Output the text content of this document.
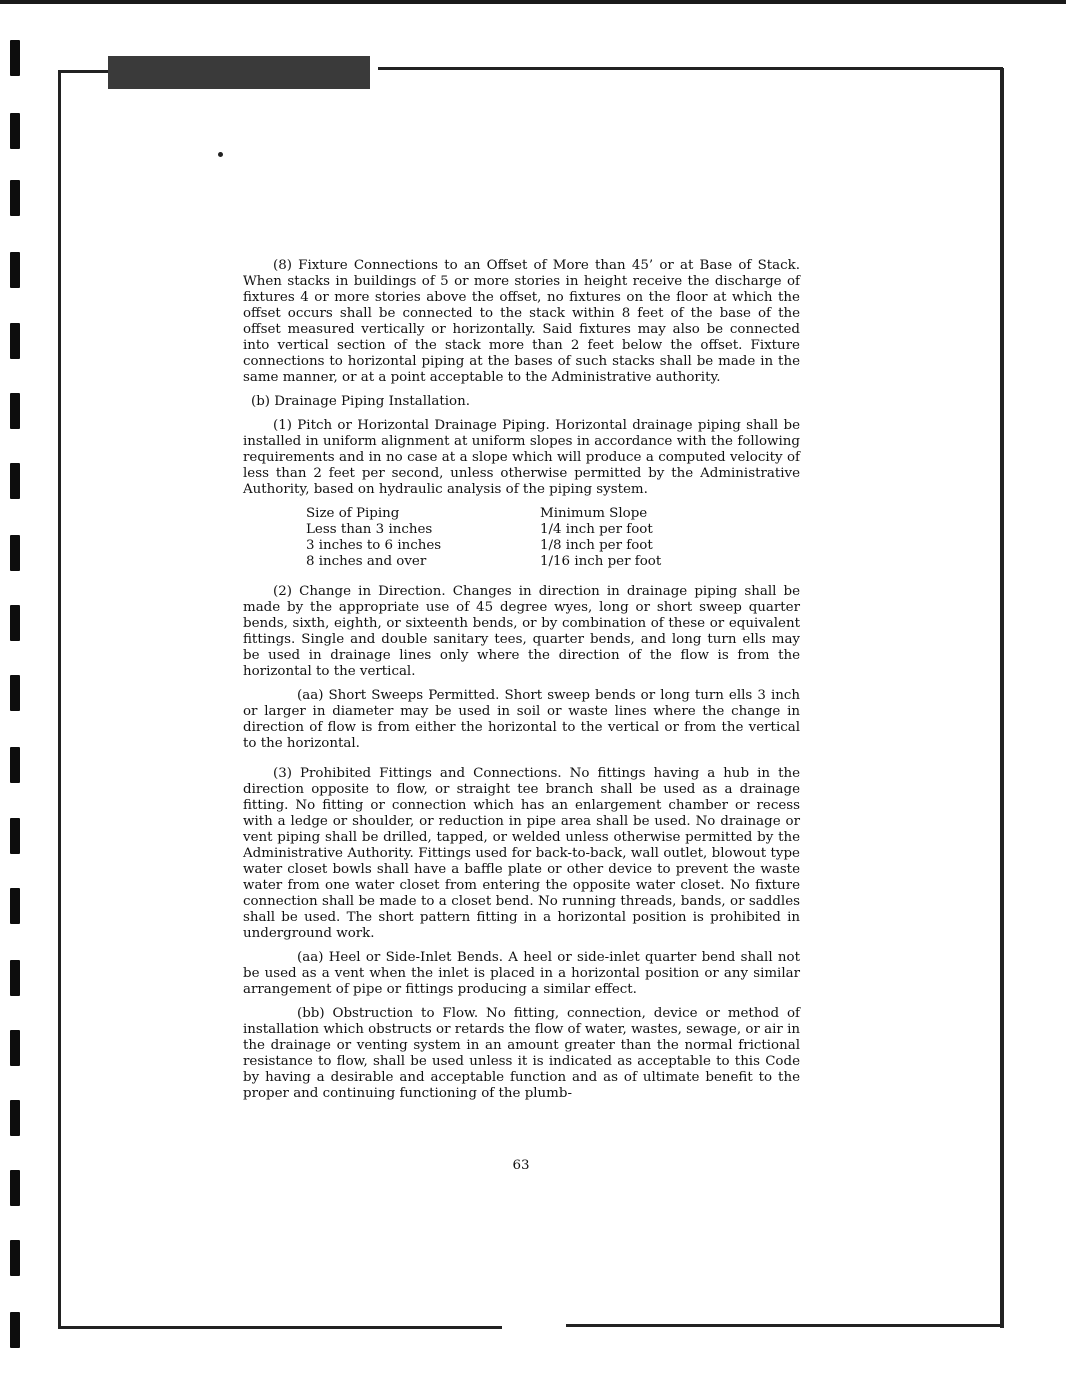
(8) Fixture Connections to an Offset of More than 45’ or at Base of Stack. When stacks in buildings of 5 or more stories in height receive the discharge of fixtures 4 or more stories above the offset, no fixtures on the floor at which the offset occurs shall be connected to the stack within 8 feet of the base of the offset measured vertically or horizontally. Said fixtures may also be connected into vertical section of the stack more than 2 feet below the offset. Fixture connections to horizontal piping at the bases of such stacks shall be made in the same manner, or at a point acceptable to the Administrative authority.

(b) Drainage Piping Installation.

(1) Pitch or Horizontal Drainage Piping. Horizontal drainage piping shall be installed in uniform alignment at uniform slopes in accordance with the following requirements and in no case at a slope which will produce a computed velocity of less than 2 feet per second, unless otherwise permitted by the Administrative Authority, based on hydraulic analysis of the piping system.

Size of Piping	Minimum Slope
Less than 3 inches	1/4 inch per foot
3 inches to 6 inches	1/8 inch per foot
8 inches and over	1/16 inch per foot

(2) Change in Direction. Changes in direction in drainage piping shall be made by the appropriate use of 45 degree wyes, long or short sweep quarter bends, sixth, eighth, or sixteenth bends, or by combination of these or equivalent fittings. Single and double sanitary tees, quarter bends, and long turn ells may be used in drainage lines only where the direction of the flow is from the horizontal to the vertical.

(aa) Short Sweeps Permitted. Short sweep bends or long turn ells 3 inch or larger in diameter may be used in soil or waste lines where the change in direction of flow is from either the horizontal to the vertical or from the vertical to the horizontal.

(3) Prohibited Fittings and Connections. No fittings having a hub in the direction opposite to flow, or straight tee branch shall be used as a drainage fitting. No fitting or connection which has an enlargement chamber or recess with a ledge or shoulder, or reduction in pipe area shall be used. No drainage or vent piping shall be drilled, tapped, or welded unless otherwise permitted by the Administrative Authority. Fittings used for back-to-back, wall outlet, blowout type water closet bowls shall have a baffle plate or other device to prevent the waste water from one water closet from entering the opposite water closet. No fixture connection shall be made to a closet bend. No running threads, bands, or saddles shall be used. The short pattern fitting in a horizontal position is prohibited in underground work.

(aa) Heel or Side-Inlet Bends. A heel or side-inlet quarter bend shall not be used as a vent when the inlet is placed in a horizontal position or any similar arrangement of pipe or fittings producing a similar effect.

(bb) Obstruction to Flow. No fitting, connection, device or method of installation which obstructs or retards the flow of water, wastes, sewage, or air in the drainage or venting system in an amount greater than the normal frictional resistance to flow, shall be used unless it is indicated as acceptable to this Code by having a desirable and acceptable function and as of ultimate benefit to the proper and continuing functioning of the plumb-

63
